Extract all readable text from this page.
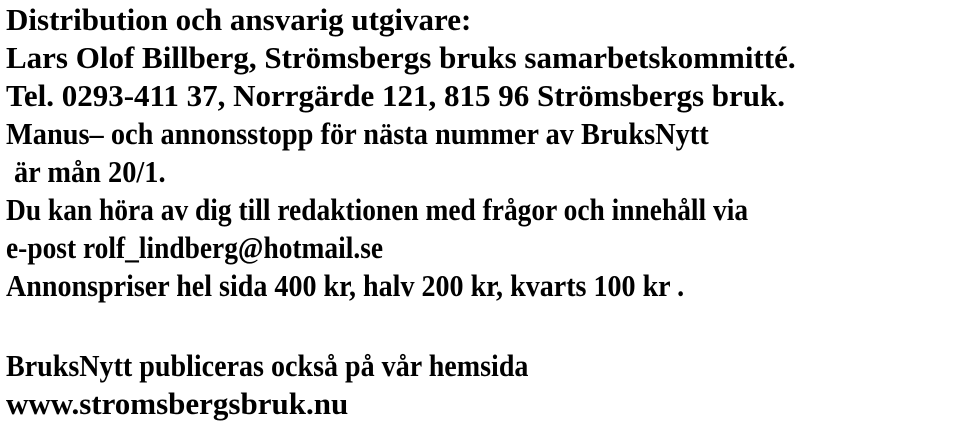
Distribution och ansvarig utgivare:
Lars Olof Billberg, Strömsbergs bruks samarbetskommitté.
Tel. 0293-411 37, Norrgärde 121, 815 96 Strömsbergs bruk.
Manus– och annonsstopp för nästa nummer av BruksNytt
är mån 20/1.
Du kan höra av dig till redaktionen med frågor och innehåll via
e-post rolf_lindberg@hotmail.se
Annonspriser hel sida 400 kr, halv 200 kr, kvarts 100 kr .
BruksNytt publiceras också på vår hemsida
www.stromsbergsbruk.nu
